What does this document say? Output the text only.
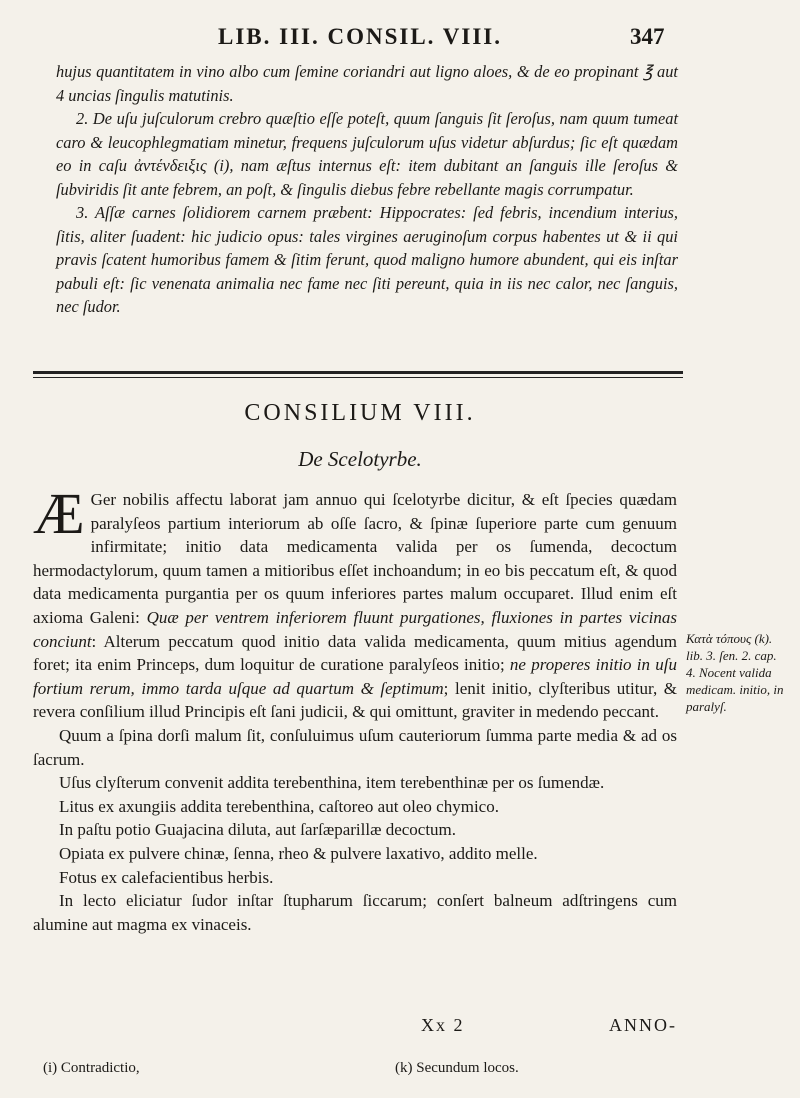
LIB. III. CONSIL. VIII.	347

hujus quantitatem in vino albo cum ſemine coriandri aut ligno aloes, & de eo propinant ℥ aut 4 uncias ſingulis matutinis.

2. De uſu juſculorum crebro quæſtio eſſe poteſt, quum ſanguis ſit ſeroſus, nam quum tumeat caro & leucophlegmatiam minetur, frequens juſculorum uſus videtur abſurdus; ſic eſt quædam eo in caſu ἀντένδειξις (i), nam æſtus internus eſt: item dubitant an ſanguis ille ſeroſus & ſubviridis ſit ante febrem, an poſt, & ſingulis diebus febre rebellante magis corrumpatur.

3. Aſſæ carnes ſolidiorem carnem præbent: Hippocrates: ſed febris, incendium interius, ſitis, aliter ſuadent: hic judicio opus: tales virgines aeruginoſum corpus habentes ut & ii qui pravis ſcatent humoribus famem & ſitim ferunt, quod maligno humore abundent, qui eis inſtar pabuli eſt: ſic venenata animalia nec fame nec ſiti pereunt, quia in iis nec calor, nec ſanguis, nec ſudor.

CONSILIUM VIII.
De Scelotyrbe.

Æ Ger nobilis affectu laborat jam annuo qui ſcelotyrbe dicitur, & eſt ſpecies quædam paralyſeos partium interiorum ab oſſe ſacro, & ſpinæ ſuperiore parte cum genuum infirmitate; initio data medicamenta valida per os ſumenda, decoctum hermodactylorum, quum tamen a mitioribus eſſet inchoandum; in eo bis peccatum eſt, & quod data medicamenta purgantia per os quum inferiores partes malum occuparet. Illud enim eſt axioma Galeni: Quæ per ventrem inferiorem fluunt purgationes, fluxiones in partes vicinas conciunt: Alterum peccatum quod initio data valida medicamenta, quum mitius agendum foret; ita enim Princeps, dum loquitur de curatione paralyſeos initio; ne properes initio in uſu fortium rerum, immo tarda uſque ad quartum & ſeptimum; lenit initio, clyſteribus utitur, & revera conſilium illud Principis eſt ſani judicii, & qui omittunt, graviter in medendo peccant.

Quum a ſpina dorſi malum ſit, conſuluimus uſum cauteriorum ſumma parte media & ad os ſacrum.

Uſus clyſterum convenit addita terebenthina, item terebenthinæ per os ſumendæ.

Litus ex axungiis addita terebenthina, caſtoreo aut oleo chymico.

In paſtu potio Guajacina diluta, aut ſarſæparillæ decoctum.

Opiata ex pulvere chinæ, ſenna, rheo & pulvere laxativo, addito melle.

Fotus ex calefacientibus herbis.

In lecto eliciatur ſudor inſtar ſtupharum ſiccarum; conſert balneum adſtringens cum alumine aut magma ex vinaceis.

Κατὰ τόπους (k). lib. 3. ſen. 2. cap. 4. Nocent valida medicam. initio, in paralyſ.
Xx 2	ANNO-
(i) Contradictio,	(k) Secundum locos.
